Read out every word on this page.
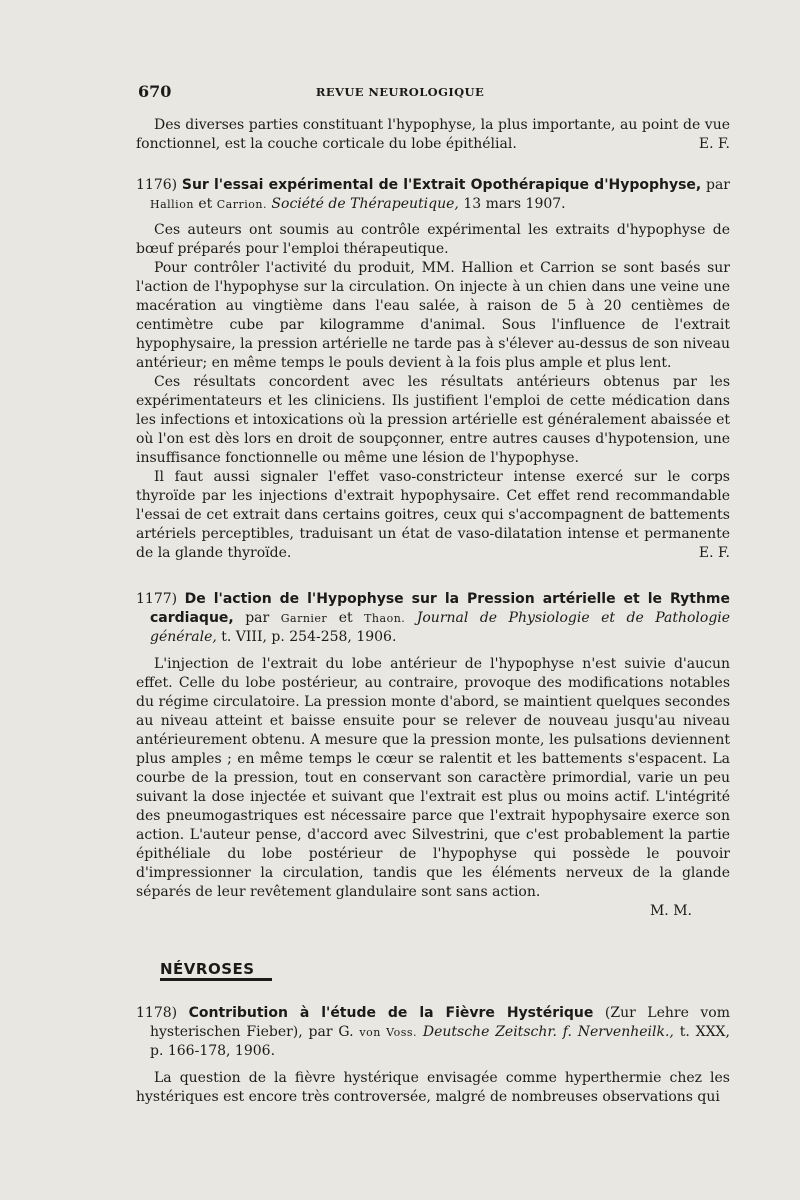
670	REVUE NEUROLOGIQUE

Des diverses parties constituant l'hypophyse, la plus importante, au point de vue fonctionnel, est la couche corticale du lobe épithélial.	E. F.

1176) Sur l'essai expérimental de l'Extrait Opothérapique d'Hypophyse, par Hallion et Carrion. Société de Thérapeutique, 13 mars 1907.

Ces auteurs ont soumis au contrôle expérimental les extraits d'hypophyse de bœuf préparés pour l'emploi thérapeutique.

Pour contrôler l'activité du produit, MM. Hallion et Carrion se sont basés sur l'action de l'hypophyse sur la circulation. On injecte à un chien dans une veine une macération au vingtième dans l'eau salée, à raison de 5 à 20 centièmes de centimètre cube par kilogramme d'animal. Sous l'influence de l'extrait hypophysaire, la pression artérielle ne tarde pas à s'élever au-dessus de son niveau antérieur; en même temps le pouls devient à la fois plus ample et plus lent.

Ces résultats concordent avec les résultats antérieurs obtenus par les expérimentateurs et les cliniciens. Ils justifient l'emploi de cette médication dans les infections et intoxications où la pression artérielle est généralement abaissée et où l'on est dès lors en droit de soupçonner, entre autres causes d'hypotension, une insuffisance fonctionnelle ou même une lésion de l'hypophyse.

Il faut aussi signaler l'effet vaso-constricteur intense exercé sur le corps thyroïde par les injections d'extrait hypophysaire. Cet effet rend recommandable l'essai de cet extrait dans certains goitres, ceux qui s'accompagnent de battements artériels perceptibles, traduisant un état de vaso-dilatation intense et permanente de la glande thyroïde.	E. F.

1177) De l'action de l'Hypophyse sur la Pression artérielle et le Rythme cardiaque, par Garnier et Thaon. Journal de Physiologie et de Pathologie générale, t. VIII, p. 254-258, 1906.

L'injection de l'extrait du lobe antérieur de l'hypophyse n'est suivie d'aucun effet. Celle du lobe postérieur, au contraire, provoque des modifications notables du régime circulatoire. La pression monte d'abord, se maintient quelques secondes au niveau atteint et baisse ensuite pour se relever de nouveau jusqu'au niveau antérieurement obtenu. A mesure que la pression monte, les pulsations deviennent plus amples ; en même temps le cœur se ralentit et les battements s'espacent. La courbe de la pression, tout en conservant son caractère primordial, varie un peu suivant la dose injectée et suivant que l'extrait est plus ou moins actif. L'intégrité des pneumogastriques est nécessaire parce que l'extrait hypophysaire exerce son action. L'auteur pense, d'accord avec Silvestrini, que c'est probablement la partie épithéliale du lobe postérieur de l'hypophyse qui possède le pouvoir d'impressionner la circulation, tandis que les éléments nerveux de la glande séparés de leur revêtement glandulaire sont sans action.

M. M.

NÉVROSES

1178) Contribution à l'étude de la Fièvre Hystérique (Zur Lehre vom hysterischen Fieber), par G. von Voss. Deutsche Zeitschr. f. Nervenheilk., t. XXX, p. 166-178, 1906.

La question de la fièvre hystérique envisagée comme hyperthermie chez les hystériques est encore très controversée, malgré de nombreuses observations qui
